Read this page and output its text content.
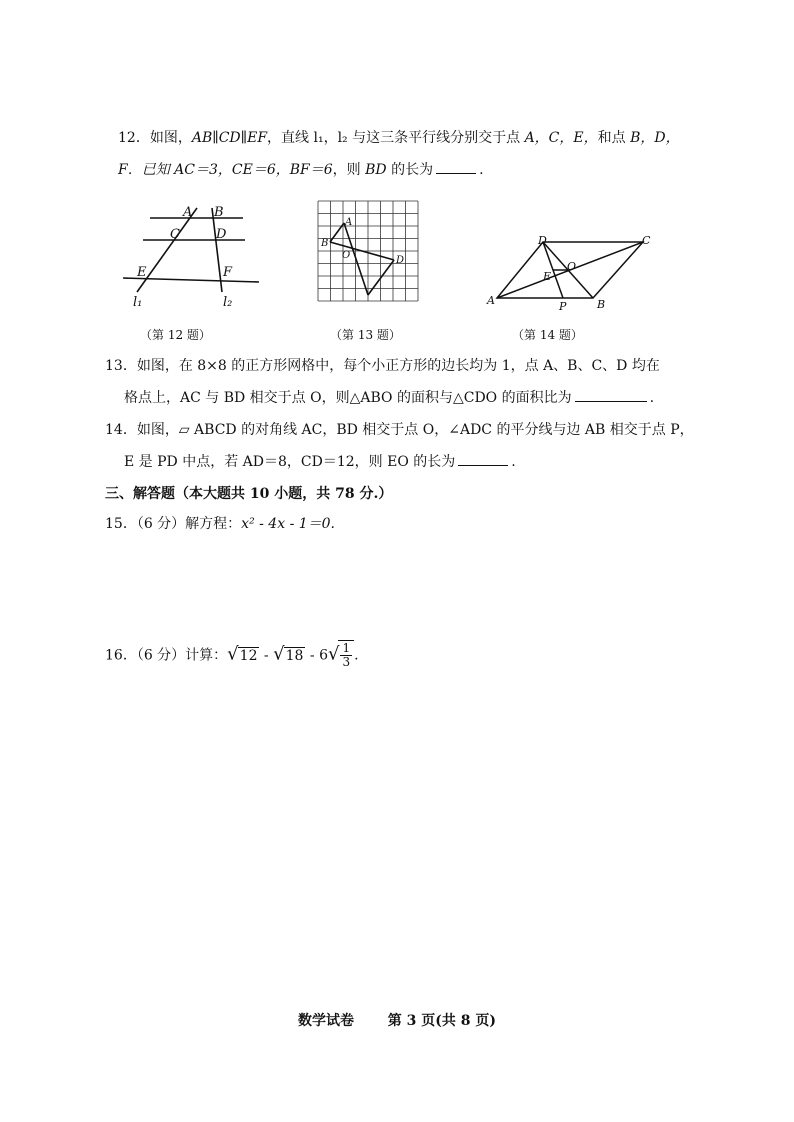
12．如图，AB∥CD∥EF，直线 l₁，l₂ 与这三条平行线分别交于点 A，C，E，和点 B，D，
F．已知 AC＝3，CE＝6，BF＝6，则 BD 的长为	.
A B
C	D
E	F
l₁	l₂
（第 12 题）
A
B
O	D
（第 13 题）
A	B
C
D
E
O
P
（第 14 题）
13．如图，在 8×8 的正方形网格中，每个小正方形的边长均为 1，点 A、B、C、D 均在
格点上，AC 与 BD 相交于点 O，则△ABO 的面积与△CDO 的面积比为	.
14．如图，▱ ABCD 的对角线 AC，BD 相交于点 O，∠ADC 的平分线与边 AB 相交于点 P，
E 是 PD 中点，若 AD＝8，CD＝12，则 EO 的长为	.
三、解答题（本大题共 10 小题，共 78 分.）
15．（6 分）解方程：x² - 4x - 1＝0.
16．（6 分）计算：$√12 - √18 - 6√ \frac{1}{3}$ .
数学试卷 第 3 页(共 8 页)
